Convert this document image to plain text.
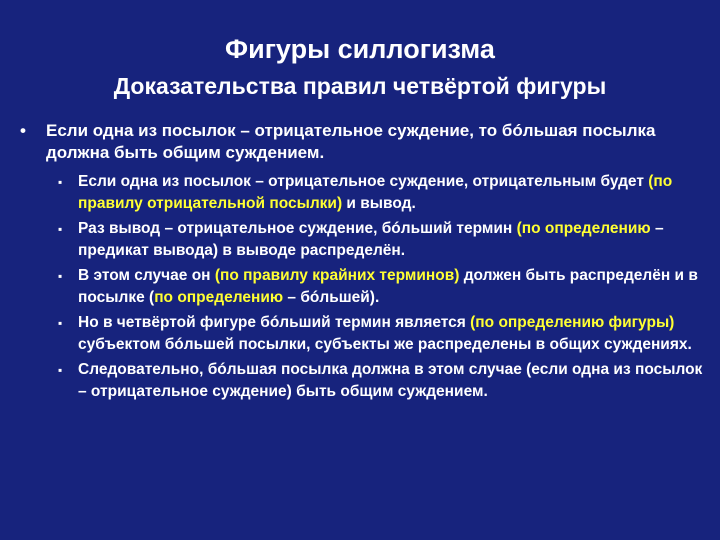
Фигуры силлогизма
Доказательства правил четвёртой фигуры
• Если одна из посылок – отрицательное суждение, то бóльшая посылка должна быть общим суждением.
▪ Если одна из посылок – отрицательное суждение, отрицательным будет (по правилу отрицательной посылки) и вывод.
▪ Раз вывод – отрицательное суждение, бóльший термин (по определению – предикат вывода) в выводе распределён.
▪ В этом случае он (по правилу крайних терминов) должен быть распределён и в посылке (по определению – бóльшей).
▪ Но в четвёртой фигуре бóльший термин является (по определению фигуры) субъектом бóльшей посылки, субъекты же распределены в общих суждениях.
▪ Следовательно, бóльшая посылка должна в этом случае (если одна из посылок – отрицательное суждение) быть общим суждением.
